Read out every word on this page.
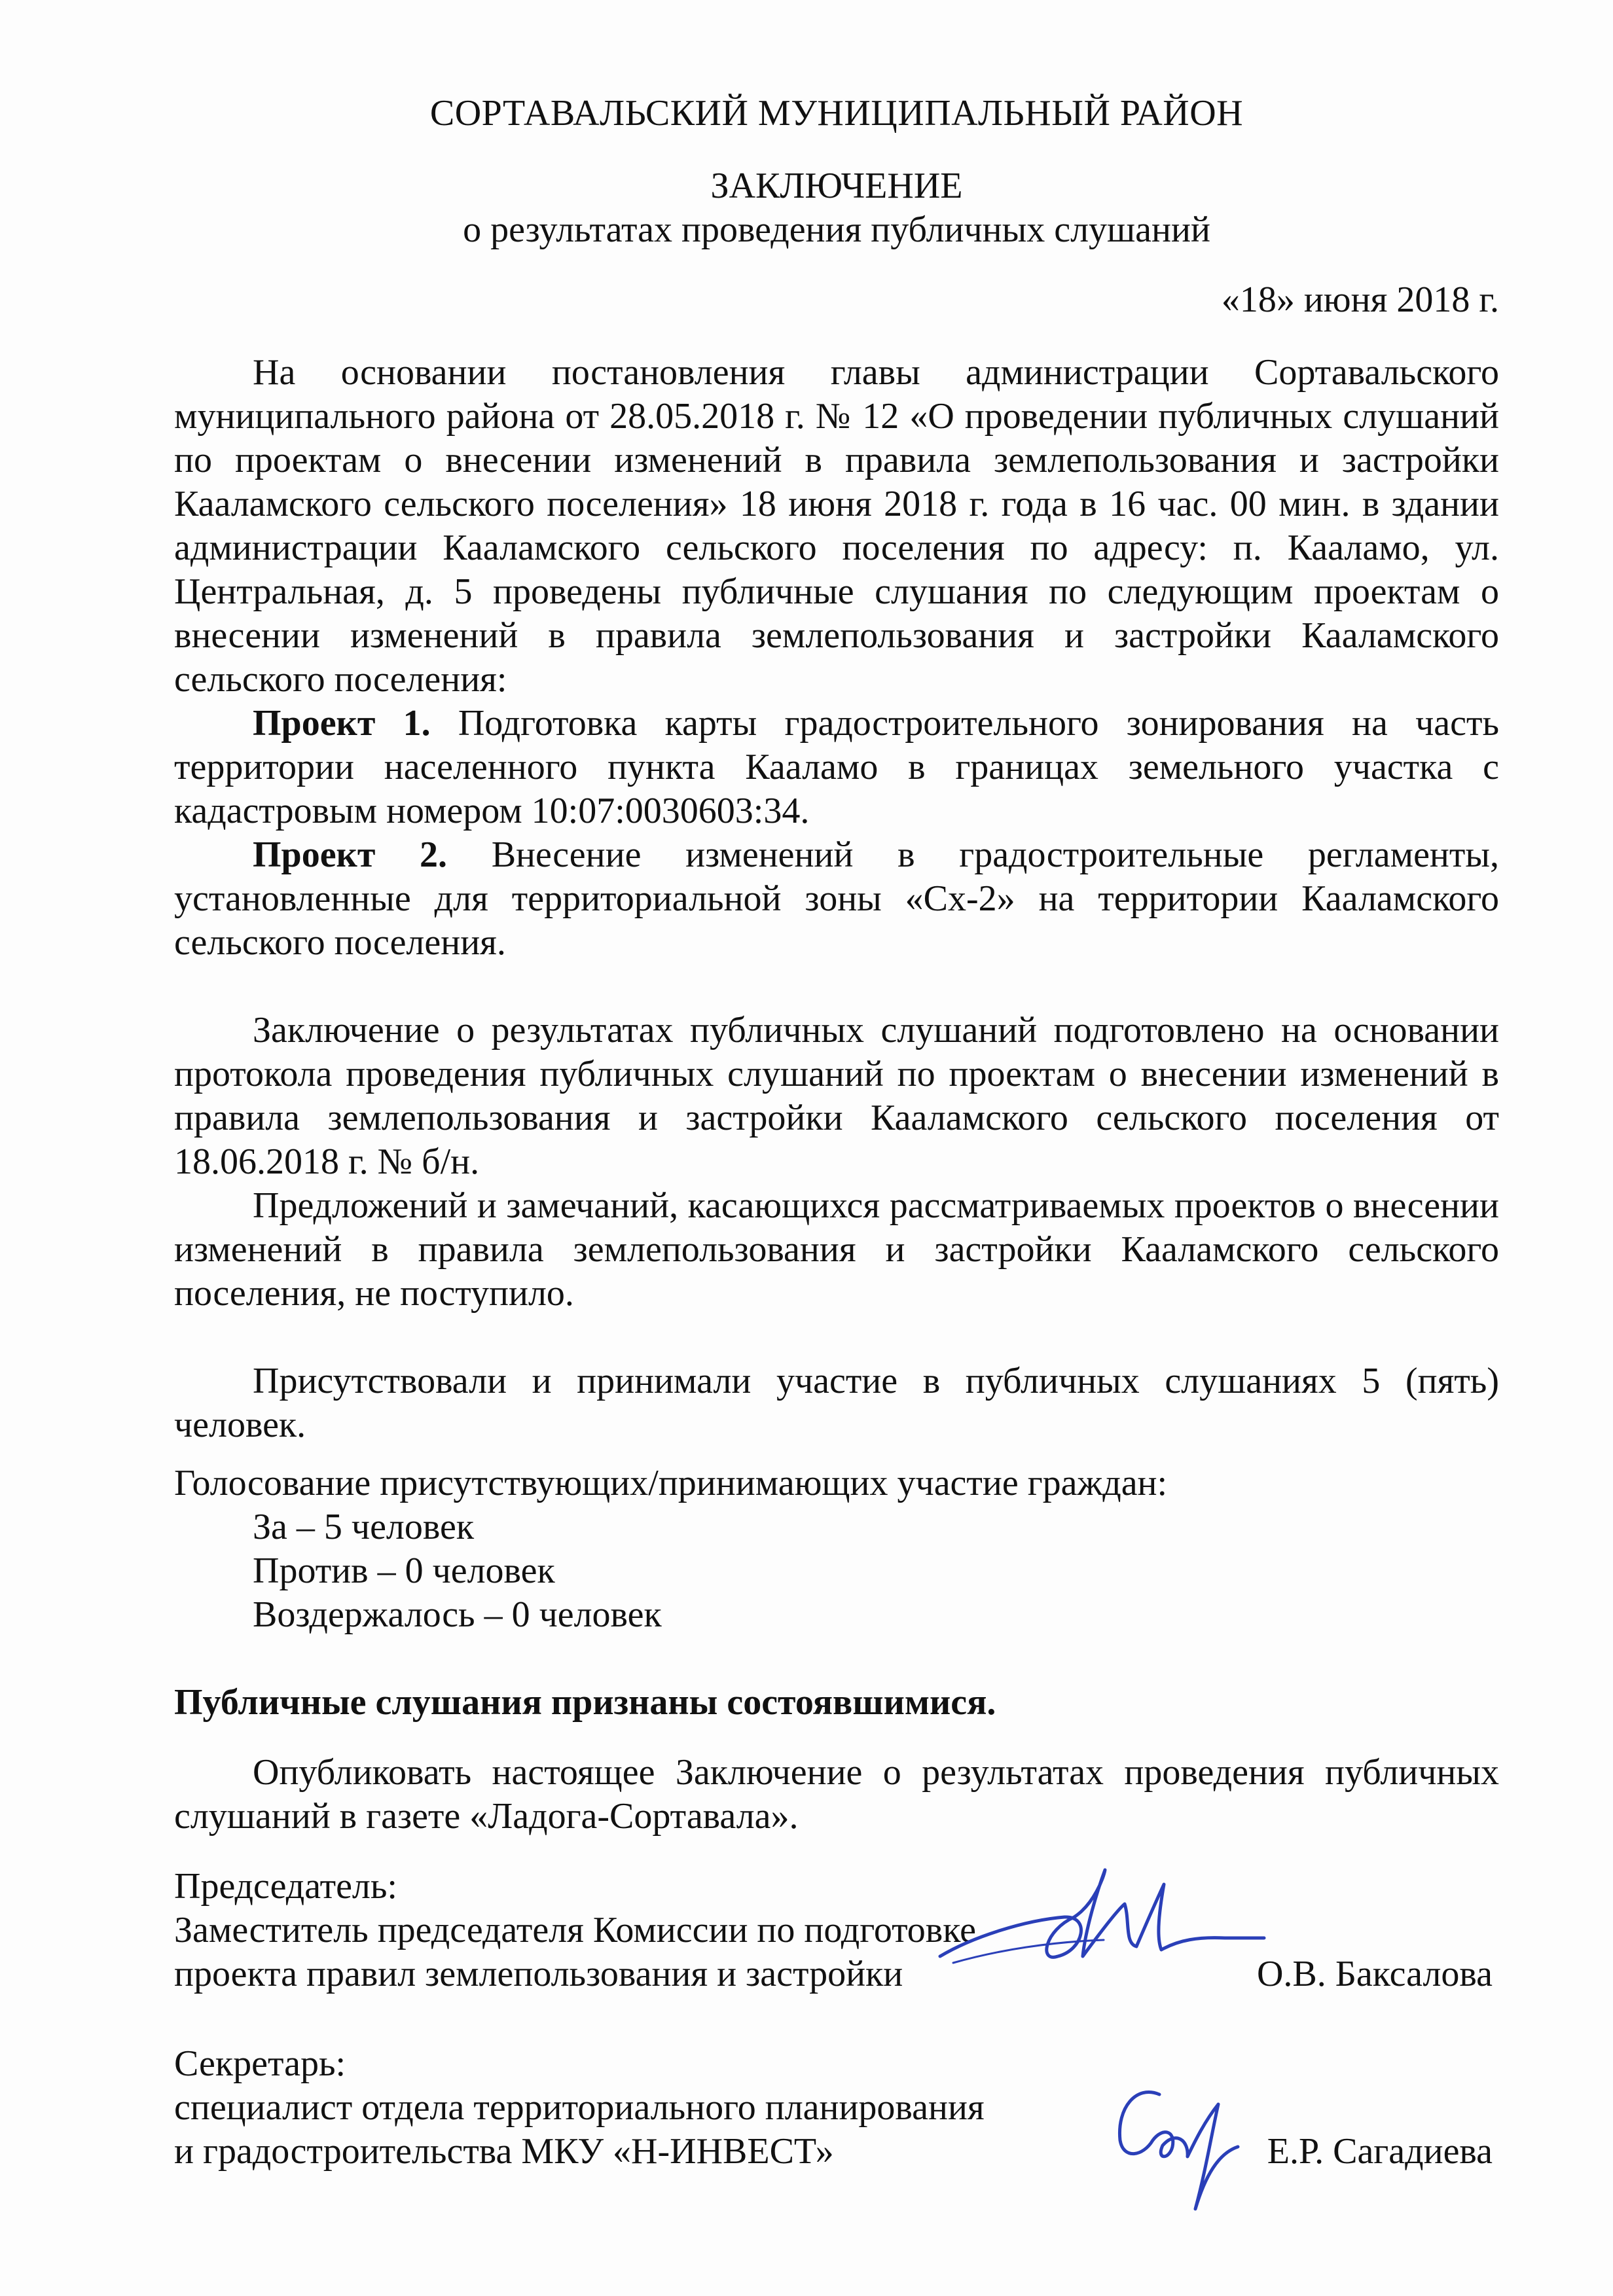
СОРТАВАЛЬСКИЙ МУНИЦИПАЛЬНЫЙ РАЙОН
ЗАКЛЮЧЕНИЕ
о результатах проведения публичных слушаний
«18» июня 2018 г.

На основании постановления главы администрации Сортавальского муниципального района от 28.05.2018 г. № 12 «О проведении публичных слушаний по проектам о внесении изменений в правила землепользования и застройки Кааламского сельского поселения» 18 июня 2018 г. года в 16 час. 00 мин. в здании администрации Кааламского сельского поселения по адресу: п. Кааламо, ул. Центральная, д. 5 проведены публичные слушания по следующим проектам о внесении изменений в правила землепользования и застройки Кааламского сельского поселения:

Проект 1. Подготовка карты градостроительного зонирования на часть территории населенного пункта Кааламо в границах земельного участка с кадастровым номером 10:07:0030603:34.

Проект 2. Внесение изменений в градостроительные регламенты, установленные для территориальной зоны «Сх-2» на территории Кааламского сельского поселения.

Заключение о результатах публичных слушаний подготовлено на основании протокола проведения публичных слушаний по проектам о внесении изменений в правила землепользования и застройки Кааламского сельского поселения от 18.06.2018 г. № б/н.

Предложений и замечаний, касающихся рассматриваемых проектов о внесении изменений в правила землепользования и застройки Кааламского сельского поселения, не поступило.

Присутствовали и принимали участие в публичных слушаниях 5 (пять) человек.

Голосование присутствующих/принимающих участие граждан:

За – 5 человек
Против – 0 человек
Воздержалось – 0 человек

Публичные слушания признаны состоявшимися.

Опубликовать настоящее Заключение о результатах проведения публичных слушаний в газете «Ладога-Сортавала».

Председатель:
Заместитель председателя Комиссии по подготовке
проекта правил землепользования и застройки	О.В. Баксалова
Секретарь:
специалист отдела территориального планирования
и градостроительства МКУ «Н-ИНВЕСТ»	Е.Р. Сагадиева
